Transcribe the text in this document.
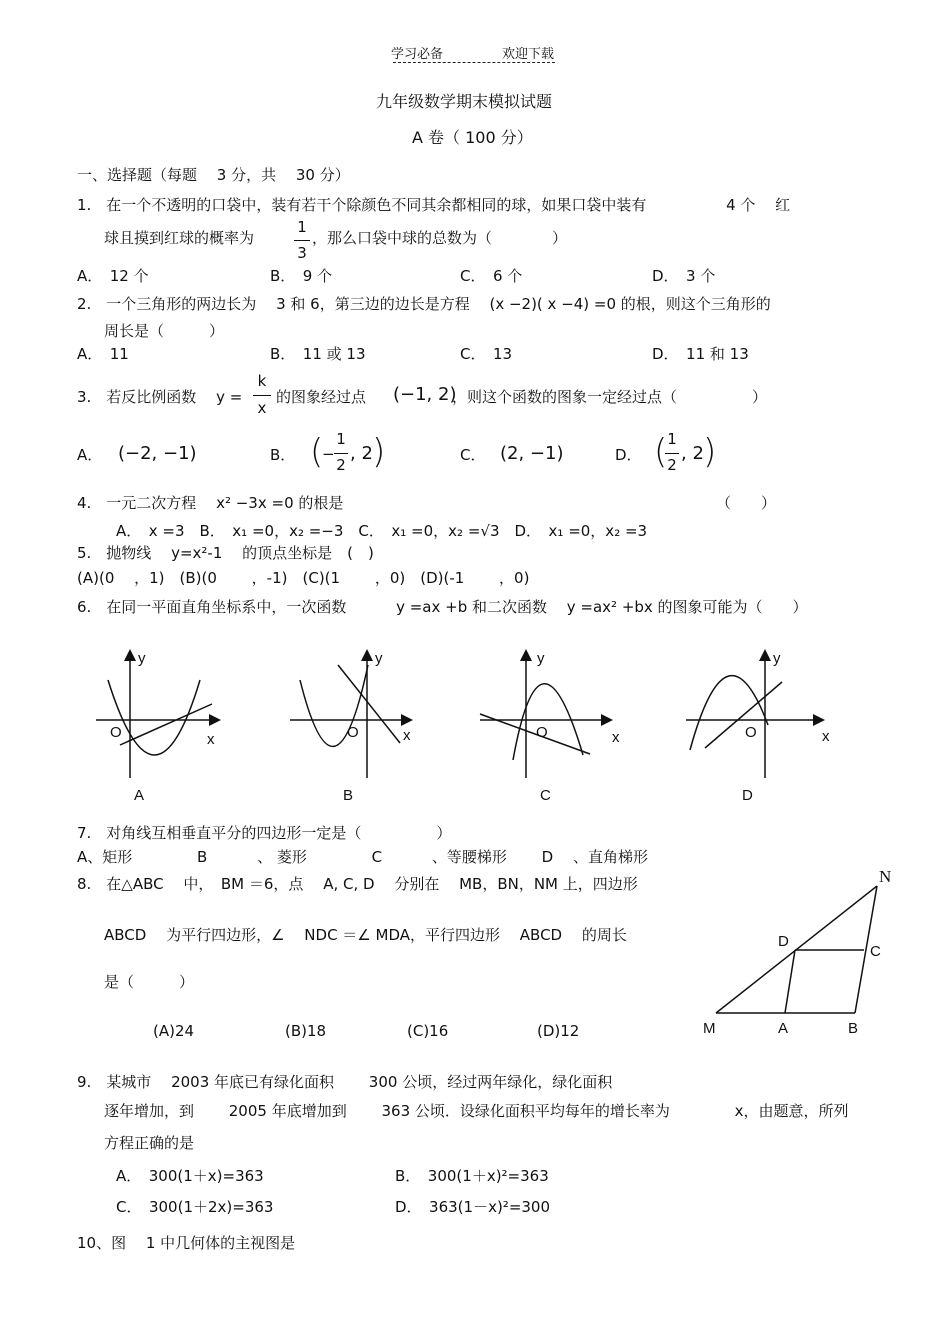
学习必备	欢迎下载
九年级数学期末模拟试题
A 卷（ 100 分）
一、选择题（每题 　3 分，共 　30 分）
1.　在一个不透明的口袋中，装有若干个除颜色不同其余都相同的球，如果口袋中装有 　　　　　4 个 　红
球且摸到红球的概率为
1
3
，那么口袋中球的总数为（　　　　）
A．　12 个	B．　9 个	C．　6 个	D．　3 个
2.　一个三角形的两边长为 　3 和 6，第三边的边长是方程 　(x −2)( x −4) =0 的根，则这个三角形的
周长是（　　　）
A．　11	B．　11 或 13	C．　13	D．　11 和 13
3.　若反比例函数 　y =
k
x
的图象经过点 (−1, 2)
，则这个函数的图象一定经过点（　　　　　）
A． (−2, −1)	B． (
−
1
2
, 2 )	C． (2, −1)	D． ( 1
2
, 2 )
4.　一元二次方程 　x² −3x =0 的根是	（　　）
A．　x =3　B．　x₁ =0，x₂ =−3　C．　x₁ =0，x₂ =√3　D．　x₁ =0，x₂ =3
5.　抛物线 　y=x²-1 　的顶点坐标是　(　)
(A)(0 　，1)　(B)(0 　　，-1)　(C)(1 　　，0)　(D)(-1 　　，0)
6.　在同一平面直角坐标系中，一次函数 　　　y =ax +b 和二次函数 　y =ax² +bx 的图象可能为（　　）
O
y
x
A
O
y
x
B
O
y
x
C
O
y
x
D
N
D
C
M	A	B
7.　对角线互相垂直平分的四边形一定是（　　　　　）
A、矩形 　　　　B 　　　、 菱形 　　　　C 　　　、等腰梯形 　　D 　、直角梯形
8.　在△ABC 　中，　BM ＝6，点 　A, C, D 　分别在 　MB，BN，NM 上，四边形
ABCD 　为平行四边形，∠ 　NDC ＝∠ MDA，平行四边形 　ABCD 　的周长
是（　　　）
(A)24	(B)18	(C)16	(D)12
9.　某城市 　2003 年底已有绿化面积 　　300 公顷，经过两年绿化，绿化面积
逐年增加，到 　　2005 年底增加到 　　363 公顷．设绿化面积平均每年的增长率为 　　　　x，由题意，所列
方程正确的是
A．　300(1＋x)=363	B．　300(1＋x)²=363
C．　300(1＋2x)=363	D．　363(1－x)²=300
10、图 　1 中几何体的主视图是
